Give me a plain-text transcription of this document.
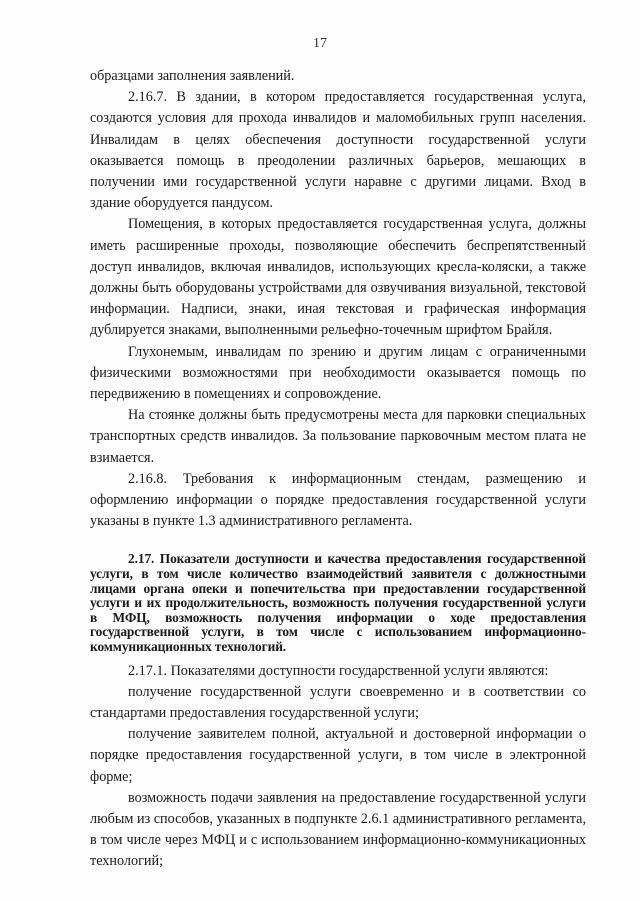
17

образцами заполнения заявлений.

2.16.7. В здании, в котором предоставляется государственная услуга, создаются условия для прохода инвалидов и маломобильных групп населения. Инвалидам в целях обеспечения доступности государственной услуги оказывается помощь в преодолении различных барьеров, мешающих в получении ими государственной услуги наравне с другими лицами. Вход в здание оборудуется пандусом.

Помещения, в которых предоставляется государственная услуга, должны иметь расширенные проходы, позволяющие обеспечить беспрепятственный доступ инвалидов, включая инвалидов, использующих кресла-коляски, а также должны быть оборудованы устройствами для озвучивания визуальной, текстовой информации. Надписи, знаки, иная текстовая и графическая информация дублируется знаками, выполненными рельефно-точечным шрифтом Брайля.

Глухонемым, инвалидам по зрению и другим лицам с ограниченными физическими возможностями при необходимости оказывается помощь по передвижению в помещениях и сопровождение.

На стоянке должны быть предусмотрены места для парковки специальных транспортных средств инвалидов. За пользование парковочным местом плата не взимается.

2.16.8. Требования к информационным стендам, размещению и оформлению информации о порядке предоставления государственной услуги указаны в пункте 1.3 административного регламента.

2.17. Показатели доступности и качества предоставления государственной услуги, в том числе количество взаимодействий заявителя с должностными лицами органа опеки и попечительства при предоставлении государственной услуги и их продолжительность, возможность получения государственной услуги в МФЦ, возможность получения информации о ходе предоставления государственной услуги, в том числе с использованием информационно-коммуникационных технологий.

2.17.1. Показателями доступности государственной услуги являются:

получение государственной услуги своевременно и в соответствии со стандартами предоставления государственной услуги;

получение заявителем полной, актуальной и достоверной информации о порядке предоставления государственной услуги, в том числе в электронной форме;

возможность подачи заявления на предоставление государственной услуги любым из способов, указанных в подпункте 2.6.1 административного регламента, в том числе через МФЦ и с использованием информационно-коммуникационных технологий;
